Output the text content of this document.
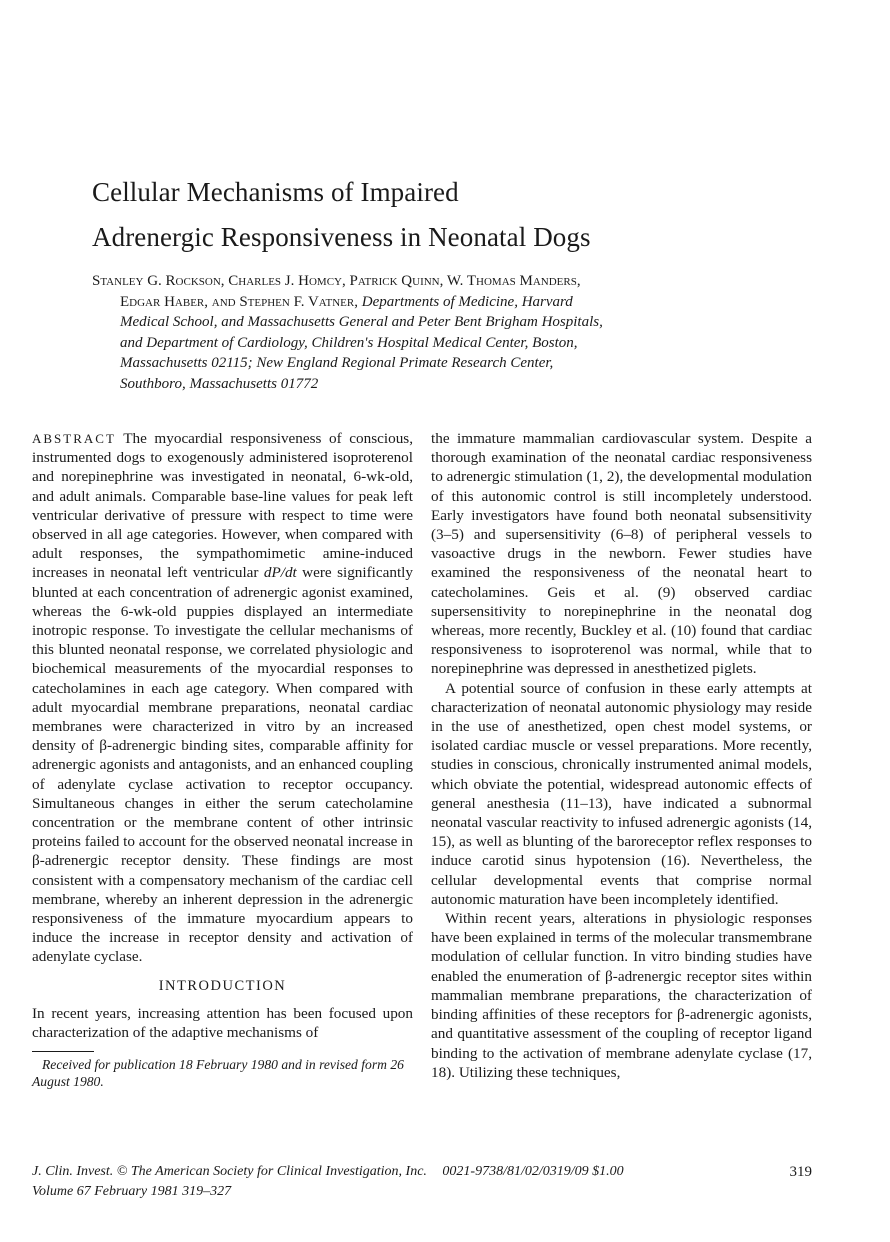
Cellular Mechanisms of Impaired
Adrenergic Responsiveness in Neonatal Dogs
Stanley G. Rockson, Charles J. Homcy, Patrick Quinn, W. Thomas Manders,
Edgar Haber, and Stephen F. Vatner, Departments of Medicine, Harvard
Medical School, and Massachusetts General and Peter Bent Brigham Hospitals,
and Department of Cardiology, Children's Hospital Medical Center, Boston,
Massachusetts 02115; New England Regional Primate Research Center,
Southboro, Massachusetts 01772

ABSTRACT The myocardial responsiveness of conscious, instrumented dogs to exogenously administered isoproterenol and norepinephrine was investigated in neonatal, 6-wk-old, and adult animals. Comparable base-line values for peak left ventricular derivative of pressure with respect to time were observed in all age categories. However, when compared with adult responses, the sympathomimetic amine-induced increases in neonatal left ventricular dP/dt were significantly blunted at each concentration of adrenergic agonist examined, whereas the 6-wk-old puppies displayed an intermediate inotropic response. To investigate the cellular mechanisms of this blunted neonatal response, we correlated physiologic and biochemical measurements of the myocardial responses to catecholamines in each age category. When compared with adult myocardial membrane preparations, neonatal cardiac membranes were characterized in vitro by an increased density of β-adrenergic binding sites, comparable affinity for adrenergic agonists and antagonists, and an enhanced coupling of adenylate cyclase activation to receptor occupancy. Simultaneous changes in either the serum catecholamine concentration or the membrane content of other intrinsic proteins failed to account for the observed neonatal increase in β-adrenergic receptor density. These findings are most consistent with a compensatory mechanism of the cardiac cell membrane, whereby an inherent depression in the adrenergic responsiveness of the immature myocardium appears to induce the increase in receptor density and activation of adenylate cyclase.

INTRODUCTION

In recent years, increasing attention has been focused upon characterization of the adaptive mechanisms of

Received for publication 18 February 1980 and in revised form 26 August 1980.

the immature mammalian cardiovascular system. Despite a thorough examination of the neonatal cardiac responsiveness to adrenergic stimulation (1, 2), the developmental modulation of this autonomic control is still incompletely understood. Early investigators have found both neonatal subsensitivity (3–5) and supersensitivity (6–8) of peripheral vessels to vasoactive drugs in the newborn. Fewer studies have examined the responsiveness of the neonatal heart to catecholamines. Geis et al. (9) observed cardiac supersensitivity to norepinephrine in the neonatal dog whereas, more recently, Buckley et al. (10) found that cardiac responsiveness to isoproterenol was normal, while that to norepinephrine was depressed in anesthetized piglets.

A potential source of confusion in these early attempts at characterization of neonatal autonomic physiology may reside in the use of anesthetized, open chest model systems, or isolated cardiac muscle or vessel preparations. More recently, studies in conscious, chronically instrumented animal models, which obviate the potential, widespread autonomic effects of general anesthesia (11–13), have indicated a subnormal neonatal vascular reactivity to infused adrenergic agonists (14, 15), as well as blunting of the baroreceptor reflex responses to induce carotid sinus hypotension (16). Nevertheless, the cellular developmental events that comprise normal autonomic maturation have been incompletely identified.

Within recent years, alterations in physiologic responses have been explained in terms of the molecular transmembrane modulation of cellular function. In vitro binding studies have enabled the enumeration of β-adrenergic receptor sites within mammalian membrane preparations, the characterization of binding affinities of these receptors for β-adrenergic agonists, and quantitative assessment of the coupling of receptor ligand binding to the activation of membrane adenylate cyclase (17, 18). Utilizing these techniques,

J. Clin. Invest. © The American Society for Clinical Investigation, Inc. 0021-9738/81/02/0319/09 $1.00	319
Volume 67 February 1981 319–327
